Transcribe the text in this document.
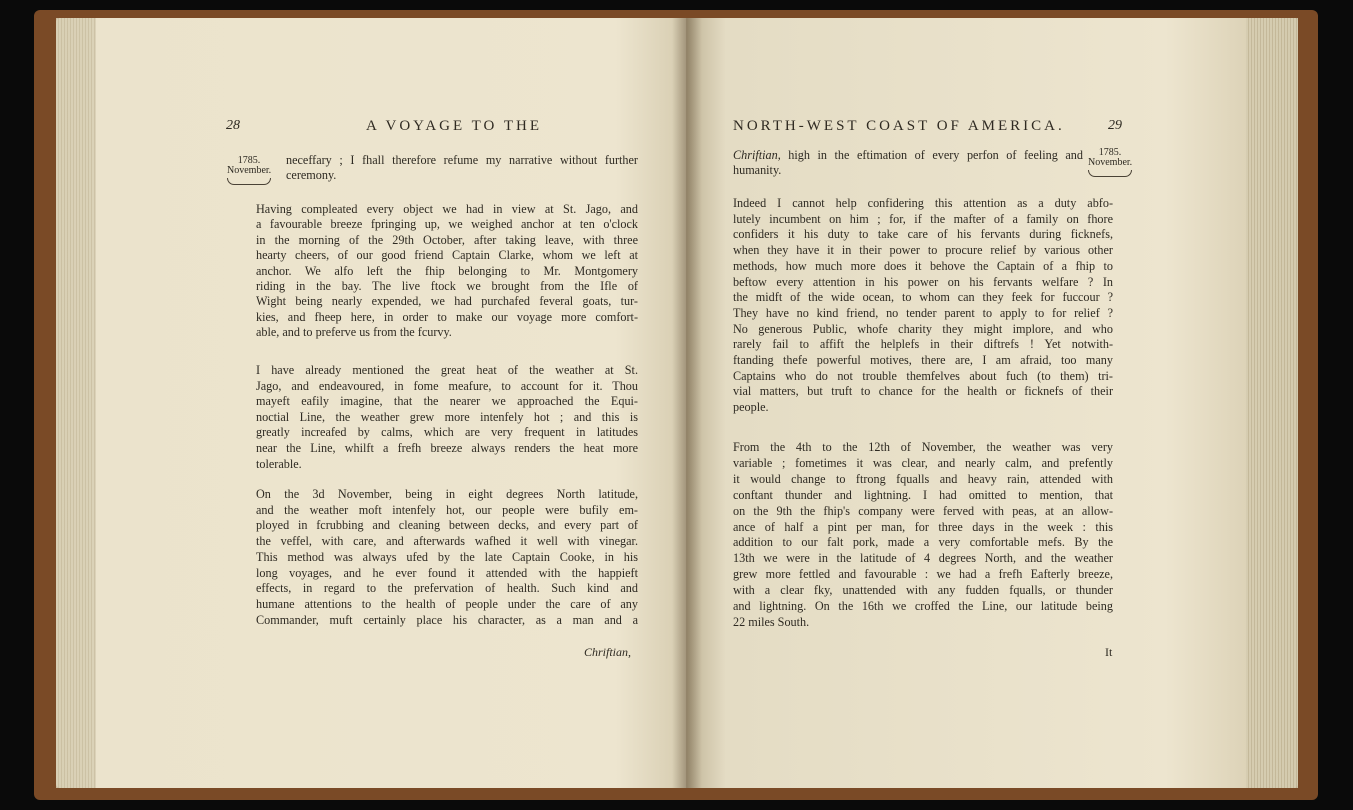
28	A VOYAGE TO THE
1785.
November.
neceffary ; I fhall therefore refume my narrative without further
ceremony.
Having compleated every object we had in view at St. Jago, and
a favourable breeze fpringing up, we weighed anchor at ten o'clock
in the morning of the 29th October, after taking leave, with three
hearty cheers, of our good friend Captain Clarke, whom we left at
anchor. We alfo left the fhip belonging to Mr. Montgomery
riding in the bay. The live ftock we brought from the Ifle of
Wight being nearly expended, we had purchafed feveral goats, tur-
kies, and fheep here, in order to make our voyage more comfort-
able, and to preferve us from the fcurvy.
I have already mentioned the great heat of the weather at St.
Jago, and endeavoured, in fome meafure, to account for it. Thou
mayeft eafily imagine, that the nearer we approached the Equi-
noctial Line, the weather grew more intenfely hot ; and this is
greatly increafed by calms, which are very frequent in latitudes
near the Line, whilft a frefh breeze always renders the heat more
tolerable.
On the 3d November, being in eight degrees North latitude,
and the weather moft intenfely hot, our people were bufily em-
ployed in fcrubbing and cleaning between decks, and every part of
the veffel, with care, and afterwards wafhed it well with vinegar.
This method was always ufed by the late Captain Cooke, in his
long voyages, and he ever found it attended with the happieft
effects, in regard to the prefervation of health. Such kind and
humane attentions to the health of people under the care of any
Commander, muft certainly place his character, as a man and a
Chriftian,
NORTH-WEST COAST OF AMERICA.	29
1785.
November.
Chriftian, high in the eftimation of every perfon of feeling and
humanity.
Indeed I cannot help confidering this attention as a duty abfo-
lutely incumbent on him ; for, if the mafter of a family on fhore
confiders it his duty to take care of his fervants during ficknefs,
when they have it in their power to procure relief by various other
methods, how much more does it behove the Captain of a fhip to
beftow every attention in his power on his fervants welfare ? In
the midft of the wide ocean, to whom can they feek for fuccour ?
They have no kind friend, no tender parent to apply to for relief ?
No generous Public, whofe charity they might implore, and who
rarely fail to affift the helplefs in their diftrefs ! Yet notwith-
ftanding thefe powerful motives, there are, I am afraid, too many
Captains who do not trouble themfelves about fuch (to them) tri-
vial matters, but truft to chance for the health or ficknefs of their
people.
From the 4th to the 12th of November, the weather was very
variable ; fometimes it was clear, and nearly calm, and prefently
it would change to ftrong fqualls and heavy rain, attended with
conftant thunder and lightning. I had omitted to mention, that
on the 9th the fhip's company were ferved with peas, at an allow-
ance of half a pint per man, for three days in the week : this
addition to our falt pork, made a very comfortable mefs. By the
13th we were in the latitude of 4 degrees North, and the weather
grew more fettled and favourable : we had a frefh Eafterly breeze,
with a clear fky, unattended with any fudden fqualls, or thunder
and lightning. On the 16th we croffed the Line, our latitude being
22 miles South.
It
